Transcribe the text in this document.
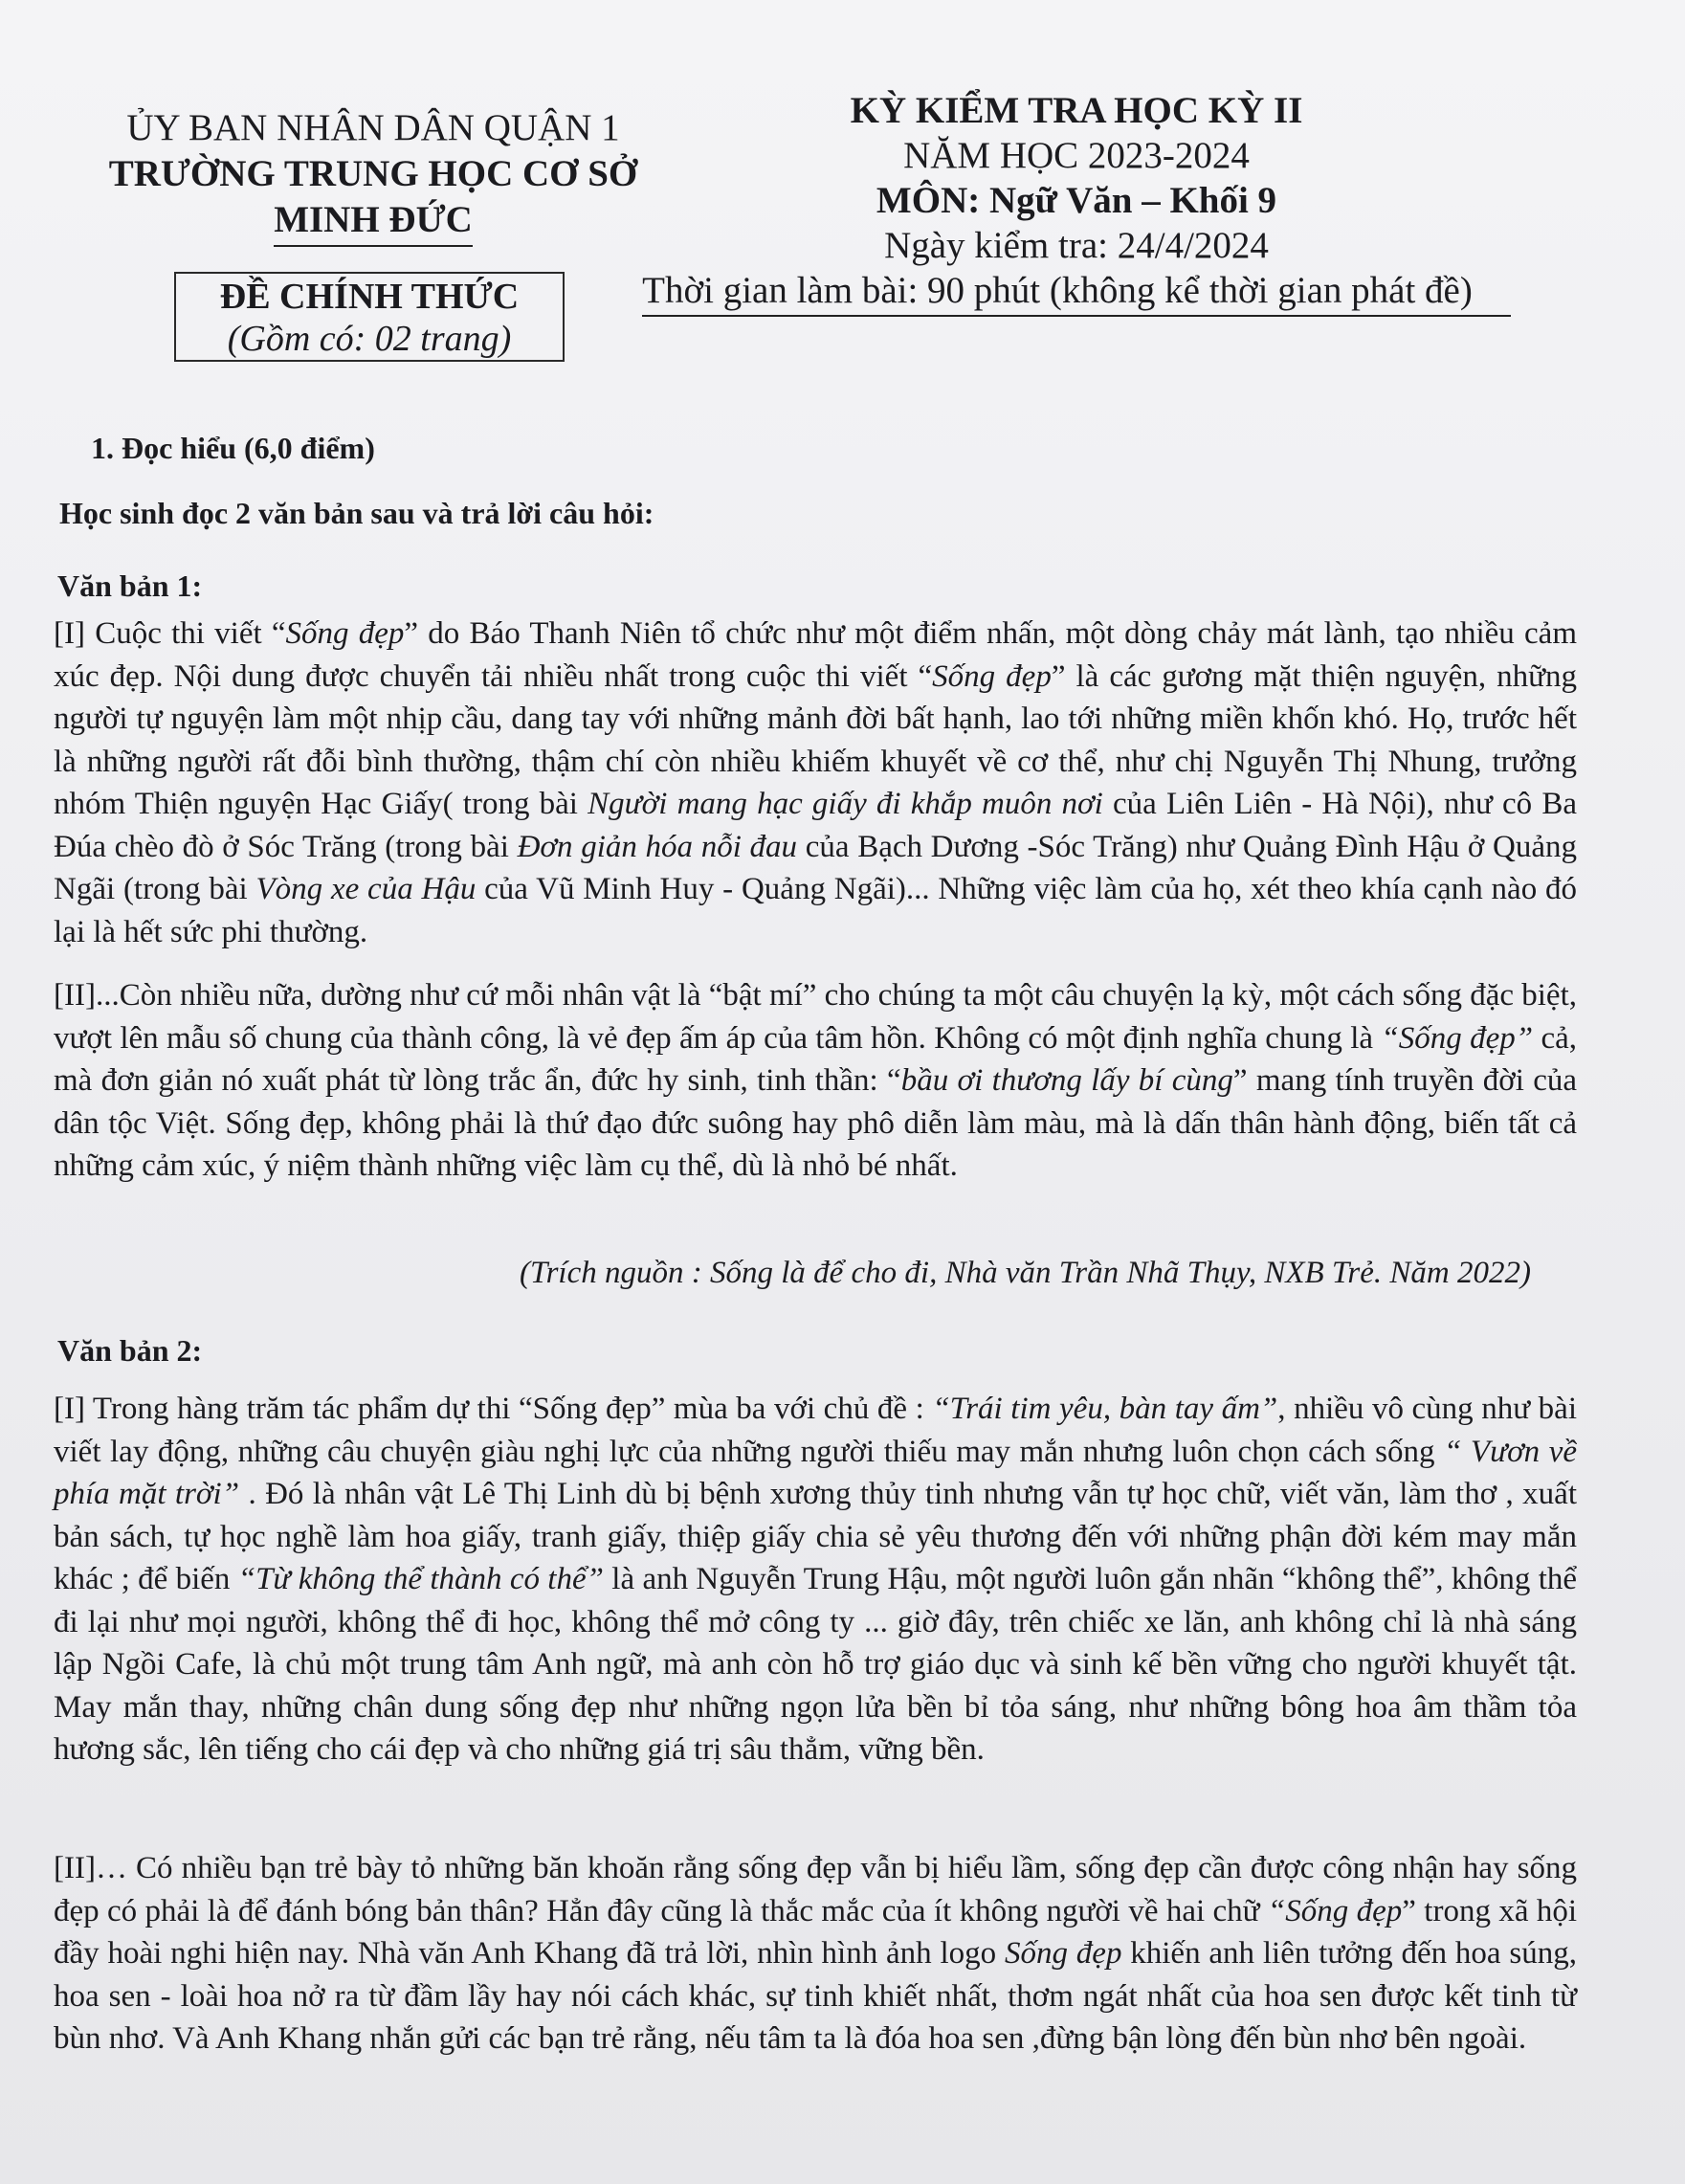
ỦY BAN NHÂN DÂN QUẬN 1
TRƯỜNG TRUNG HỌC CƠ SỞ
MINH ĐỨC
KỲ KIỂM TRA HỌC KỲ II
NĂM HỌC 2023-2024
MÔN: Ngữ Văn – Khối 9
Ngày kiểm tra: 24/4/2024
Thời gian làm bài: 90 phút (không kể thời gian phát đề)
ĐỀ CHÍNH THỨC
(Gồm có: 02 trang)
1. Đọc hiểu (6,0 điểm)
Học sinh đọc 2 văn bản sau và trả lời câu hỏi:
Văn bản 1:
[I] Cuộc thi viết “Sống đẹp” do Báo Thanh Niên tổ chức như một điểm nhấn, một dòng chảy mát lành, tạo nhiều cảm xúc đẹp. Nội dung được chuyển tải nhiều nhất trong cuộc thi viết “Sống đẹp” là các gương mặt thiện nguyện, những người tự nguyện làm một nhịp cầu, dang tay với những mảnh đời bất hạnh, lao tới những miền khốn khó. Họ, trước hết là những người rất đỗi bình thường, thậm chí còn nhiều khiếm khuyết về cơ thể, như chị Nguyễn Thị Nhung, trưởng nhóm Thiện nguyện Hạc Giấy( trong bài Người mang hạc giấy đi khắp muôn nơi của Liên Liên - Hà Nội), như cô Ba Đúa chèo đò ở Sóc Trăng (trong bài Đơn giản hóa nỗi đau của Bạch Dương -Sóc Trăng) như Quảng Đình Hậu ở Quảng Ngãi (trong bài Vòng xe của Hậu của Vũ Minh Huy - Quảng Ngãi)... Những việc làm của họ, xét theo khía cạnh nào đó lại là hết sức phi thường.
[II]...Còn nhiều nữa, dường như cứ mỗi nhân vật là “bật mí” cho chúng ta một câu chuyện lạ kỳ, một cách sống đặc biệt, vượt lên mẫu số chung của thành công, là vẻ đẹp ấm áp của tâm hồn. Không có một định nghĩa chung là “Sống đẹp” cả, mà đơn giản nó xuất phát từ lòng trắc ẩn, đức hy sinh, tinh thần: “bầu ơi thương lấy bí cùng” mang tính truyền đời của dân tộc Việt. Sống đẹp, không phải là thứ đạo đức suông hay phô diễn làm màu, mà là dấn thân hành động, biến tất cả những cảm xúc, ý niệm thành những việc làm cụ thể, dù là nhỏ bé nhất.
(Trích nguồn : Sống là để cho đi, Nhà văn Trần Nhã Thụy, NXB Trẻ. Năm 2022)
Văn bản 2:
[I] Trong hàng trăm tác phẩm dự thi “Sống đẹp” mùa ba với chủ đề : “Trái tim yêu, bàn tay ấm”, nhiều vô cùng như bài viết lay động, những câu chuyện giàu nghị lực của những người thiếu may mắn nhưng luôn chọn cách sống “ Vươn về phía mặt trời” . Đó là nhân vật Lê Thị Linh dù bị bệnh xương thủy tinh nhưng vẫn tự học chữ, viết văn, làm thơ , xuất bản sách, tự học nghề làm hoa giấy, tranh giấy, thiệp giấy chia sẻ yêu thương đến với những phận đời kém may mắn khác ; để biến “Từ không thể thành có thể” là anh Nguyễn Trung Hậu, một người luôn gắn nhãn “không thể”, không thể đi lại như mọi người, không thể đi học, không thể mở công ty ... giờ đây, trên chiếc xe lăn, anh không chỉ là nhà sáng lập Ngồi Cafe, là chủ một trung tâm Anh ngữ, mà anh còn hỗ trợ giáo dục và sinh kế bền vững cho người khuyết tật. May mắn thay, những chân dung sống đẹp như những ngọn lửa bền bỉ tỏa sáng, như những bông hoa âm thầm tỏa hương sắc, lên tiếng cho cái đẹp và cho những giá trị sâu thẳm, vững bền.
[II]… Có nhiều bạn trẻ bày tỏ những băn khoăn rằng sống đẹp vẫn bị hiểu lầm, sống đẹp cần được công nhận hay sống đẹp có phải là để đánh bóng bản thân? Hẳn đây cũng là thắc mắc của ít không người về hai chữ “Sống đẹp” trong xã hội đầy hoài nghi hiện nay. Nhà văn Anh Khang đã trả lời, nhìn hình ảnh logo Sống đẹp khiến anh liên tưởng đến hoa súng, hoa sen - loài hoa nở ra từ đầm lầy hay nói cách khác, sự tinh khiết nhất, thơm ngát nhất của hoa sen được kết tinh từ bùn nhơ. Và Anh Khang nhắn gửi các bạn trẻ rằng, nếu tâm ta là đóa hoa sen ,đừng bận lòng đến bùn nhơ bên ngoài.
